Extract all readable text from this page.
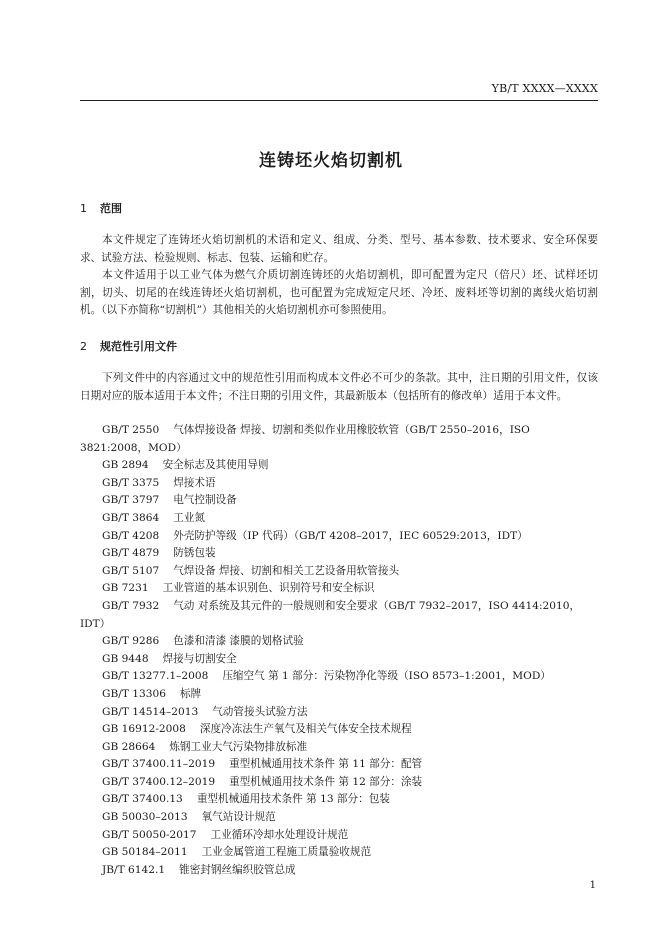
YB/T XXXX—XXXX
连铸坯火焰切割机
1 范围

本文件规定了连铸坯火焰切割机的术语和定义、组成、分类、型号、基本参数、技术要求、安全环保要求、试验方法、检验规则、标志、包装、运输和贮存。

本文件适用于以工业气体为燃气介质切割连铸坯的火焰切割机，即可配置为定尺（倍尺）坯、试样坯切割，切头、切尾的在线连铸坯火焰切割机，也可配置为完成短定尺坯、冷坯、废料坯等切割的离线火焰切割机。（以下亦简称“切割机”）其他相关的火焰切割机亦可参照使用。

2 规范性引用文件

下列文件中的内容通过文中的规范性引用而构成本文件必不可少的条款。其中，注日期的引用文件，仅该日期对应的版本适用于本文件；不注日期的引用文件，其最新版本（包括所有的修改单）适用于本文件。

GB/T 2550 气体焊接设备 焊接、切割和类似作业用橡胶软管（GB/T 2550–2016，ISO 3821:2008，MOD）
GB 2894 安全标志及其使用导则
GB/T 3375 焊接术语
GB/T 3797 电气控制设备
GB/T 3864 工业氮
GB/T 4208 外壳防护等级（IP 代码）（GB/T 4208–2017，IEC 60529:2013，IDT）
GB/T 4879 防锈包装
GB/T 5107 气焊设备 焊接、切割和相关工艺设备用软管接头
GB 7231 工业管道的基本识别色、识别符号和安全标识
GB/T 7932 气动 对系统及其元件的一般规则和安全要求（GB/T 7932–2017，ISO 4414:2010，IDT）
GB/T 9286 色漆和清漆 漆膜的划格试验
GB 9448 焊接与切割安全
GB/T 13277.1–2008 压缩空气 第 1 部分：污染物净化等级（ISO 8573–1:2001，MOD）
GB/T 13306 标牌
GB/T 14514–2013 气动管接头试验方法
GB 16912-2008 深度冷冻法生产氧气及相关气体安全技术规程
GB 28664 炼钢工业大气污染物排放标准
GB/T 37400.11–2019 重型机械通用技术条件 第 11 部分：配管
GB/T 37400.12–2019 重型机械通用技术条件 第 12 部分：涂装
GB/T 37400.13 重型机械通用技术条件 第 13 部分：包装
GB 50030–2013 氧气站设计规范
GB/T 50050-2017 工业循环冷却水处理设计规范
GB 50184–2011 工业金属管道工程施工质量验收规范
JB/T 6142.1 锥密封钢丝编织胶管总成
1
